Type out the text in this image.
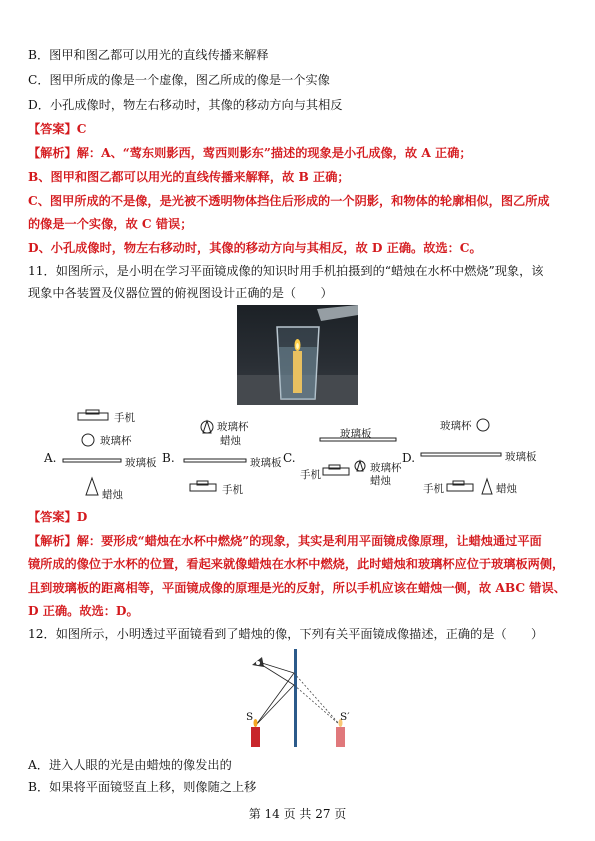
B．图甲和图乙都可以用光的直线传播来解释
C．图甲所成的像是一个虚像，图乙所成的像是一个实像
D．小孔成像时，物左右移动时，其像的移动方向与其相反
【答案】C
【解析】解：A、“莺东则影西，莺西则影东”描述的现象是小孔成像，故 A 正确；
B、图甲和图乙都可以用光的直线传播来解释，故 B 正确；
C、图甲所成的不是像，是光被不透明物体挡住后形成的一个阴影，和物体的轮廓相似，图乙所成
的像是一个实像，故 C 错误；
D、小孔成像时，物左右移动时，其像的移动方向与其相反，故 D 正确。故选：C。
11．如图所示，是小明在学习平面镜成像的知识时用手机拍摄到的“蜡烛在水杯中燃烧”现象，该
现象中各装置及仪器位置的俯视图设计正确的是（　　）
A.
手机
玻璃杯
玻璃板
蜡烛
B.
玻璃杯
蜡烛
玻璃板
手机
C.
玻璃板
手机
玻璃杯
蜡烛
D.
玻璃杯
玻璃板
手机	蜡烛
【答案】D
【解析】解：要形成“蜡烛在水杯中燃烧”的现象，其实是利用平面镜成像原理，让蜡烛通过平面
镜所成的像位于水杯的位置，看起来就像蜡烛在水杯中燃烧，此时蜡烛和玻璃杯应位于玻璃板两侧，
且到玻璃板的距离相等，平面镜成像的原理是光的反射，所以手机应该在蜡烛一侧，故 ABC 错误、
D 正确。故选：D。
12．如图所示，小明透过平面镜看到了蜡烛的像，下列有关平面镜成像描述，正确的是（　　）
S	S′
A．进入人眼的光是由蜡烛的像发出的
B．如果将平面镜竖直上移，则像随之上移
第 14 页 共 27 页
